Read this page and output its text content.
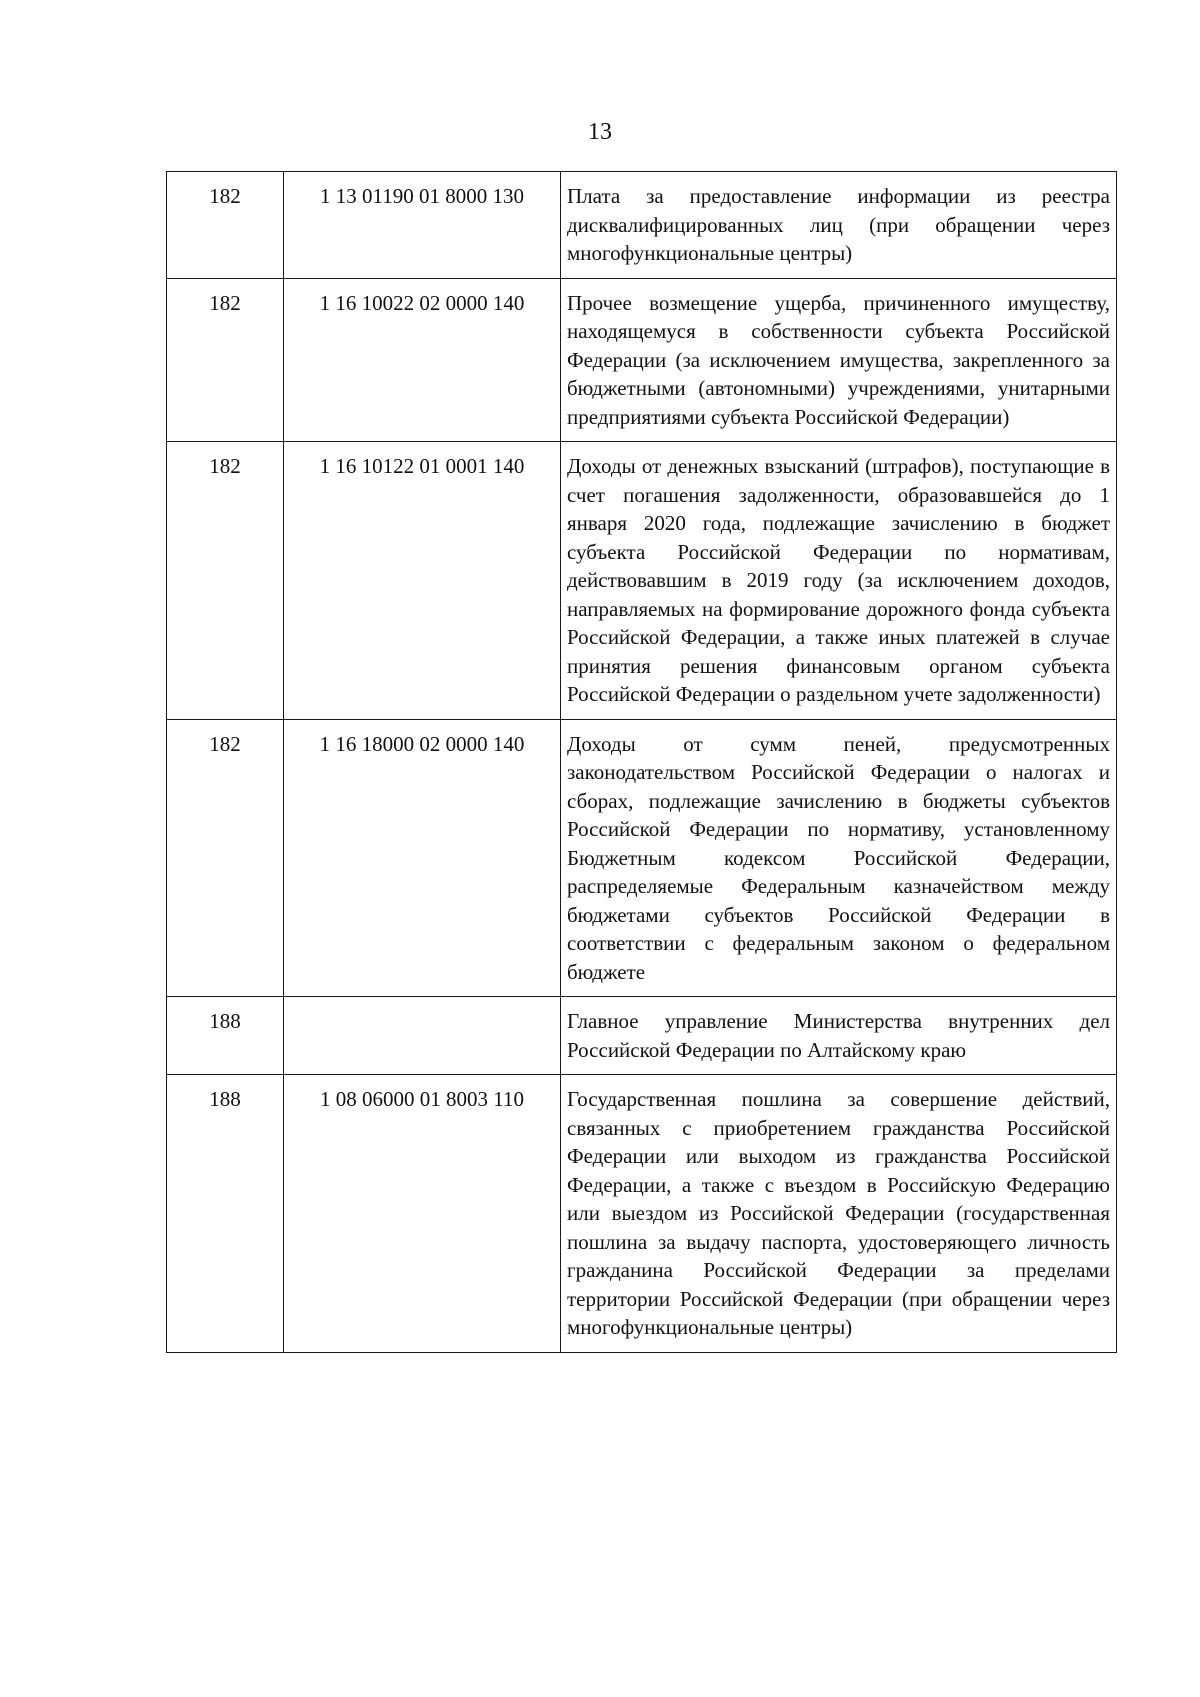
13
182	1 13 01190 01 8000 130	Плата за предоставление информации из реестра дисквалифицированных лиц (при обращении через многофункциональные центры)
182	1 16 10022 02 0000 140	Прочее возмещение ущерба, причиненного имуществу, находящемуся в собственности субъекта Российской Федерации (за исключением имущества, закрепленного за бюджетными (автономными) учреждениями, унитарными предприятиями субъекта Российской Федерации)
182	1 16 10122 01 0001 140	Доходы от денежных взысканий (штрафов), поступающие в счет погашения задолженности, образовавшейся до 1 января 2020 года, подлежащие зачислению в бюджет субъекта Российской Федерации по нормативам, действовавшим в 2019 году (за исключением доходов, направляемых на формирование дорожного фонда субъекта Российской Федерации, а также иных платежей в случае принятия решения финансовым органом субъекта Российской Федерации о раздельном учете задолженности)
182	1 16 18000 02 0000 140	Доходы от сумм пеней, предусмотренных законодательством Российской Федерации о налогах и сборах, подлежащие зачислению в бюджеты субъектов Российской Федерации по нормативу, установленному Бюджетным кодексом Российской Федерации, распределяемые Федеральным казначейством между бюджетами субъектов Российской Федерации в соответствии с федеральным законом о федеральном бюджете
188		Главное управление Министерства внутренних дел Российской Федерации по Алтайскому краю
188	1 08 06000 01 8003 110	Государственная пошлина за совершение действий, связанных с приобретением гражданства Российской Федерации или выходом из гражданства Российской Федерации, а также с въездом в Российскую Федерацию или выездом из Российской Федерации (государственная пошлина за выдачу паспорта, удостоверяющего личность гражданина Российской Федерации за пределами территории Российской Федерации (при обращении через многофункциональные центры)
